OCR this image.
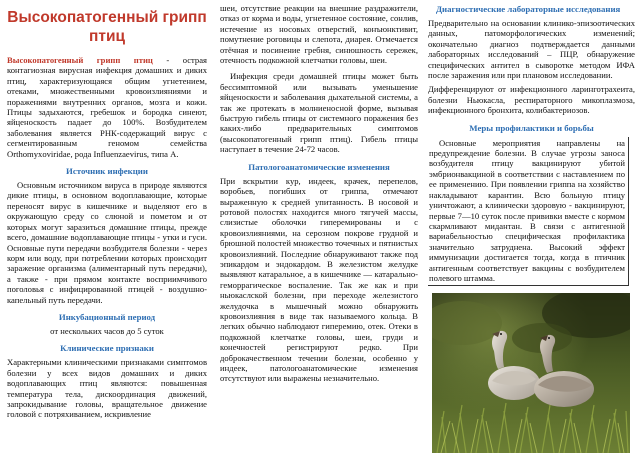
Высокопатогенный грипп птиц
Высокопатогенный грипп птиц - острая контагиозная вирусная инфекция домашних и диких птиц, характеризующаяся общим угнетением, отеками, множественными кровоизлияниями и поражениями внутренних органов, мозга и кожи. Птицы задыхаются, гребешок и бородка синеют, яйценоскость падает до 100%. Возбудителем заболевания является РНК-содержащий вирус с сегментированным геномом семейства Orthomyxoviridae, рода Influenzaevirus, типа А.
Источник инфекции
Основным источником вируса в природе являются дикие птицы, в основном водоплавающие, которые переносят вирус в кишечнике и выделяют его в окружающую среду со слюной и пометом и от которых могут заразиться домашние птицы, прежде всего, домашние водоплавающие птицы - утки и гуси. Основные пути передачи возбудителя болезни - через корм или воду, при потреблении которых происходит заражение организма (алиментарный путь передачи), а также - при прямом контакте восприимчивого поголовья с инфицированной птицей - воздушно-капельный путь передачи.
Инкубационный период
от нескольких часов до 5 суток
Клинические признаки
Характерными клиническими признаками симптомов болезни у всех видов домашних и диких водоплавающих птиц являются: повышенная температура тела, дискоординация движений, запрокидывание головы, вращательное движение головой с потряхиванием, искривление
шеи, отсутствие реакции на внешние раздражители, отказ от корма и воды, угнетенное состояние, сонлив, истечение из носовых отверстий, конъюнктивит, помутнение роговицы и слепота, диарея. Отмечается отёчная и посинение гребня, синюшность сережек, отечность подкожной клетчатки головы, шеи.
Инфекция среди домашней птицы может быть бессимптомной или вызывать уменьшение яйценоскости и заболевания дыхательной системы, а так же протекать в молниеносной форме, вызывая быструю гибель птицы от системного поражения без каких-либо предварительных симптомов (высокопатогенный грипп птиц). Гибель птицы наступает в течение 24-72 часов.
Патологоанатомические изменения
При вскрытии кур, индеек, крачек, перепелов, воробьев, погибших от гриппа, отмечают выраженную к средней упитанность. В носовой и ротовой полостях находится много тягучей массы, слизистые оболочки гиперемированы и с кровоизлияниями, на серозном покрове грудной и брюшной полостей множество точечных и пятнистых кровоизлияний. Последние обнаруживают также под эпикардом и эндокардом. В железистом желудке выявляют катаральное, а в кишечнике — катарально-геморрагическое воспаление. Так же как и при ньюкаслской болезни, при переходе железистого желудочка в мышечный можно обнаружить кровоизлияния в виде так называемого кольца. В легких обычно наблюдают гиперемию, отек. Отеки в подкожной клетчатке головы, шеи, груди и конечностей регистрируют редко. При доброкачественном течении болезни, особенно у индеек, патологоанатомические изменения отсутствуют или выражены незначительно.
Диагностические лабораторные исследования
Предварительно на основании клинико-эпизоотических данных, патоморфологических изменений; окончательно диагноз подтверждается данными лабораторных исследований – ПЦР, обнаружение специфических антител в сыворотке методом ИФА после заражения или при плановом исследовании.
Дифференцируют от инфекционного ларинготрахеита, болезни Ньюкасла, респираторного микоплазмоза, инфекционного бронхита, колибактериозов.
Меры профилактики и борьбы
Основные мероприятия направлены на предупреждение болезни. В случае угрозы заноса возбудителя птицу вакцинируют убитой эмбрионвакциной в соответствии с наставлением по ее применению. При появлении гриппа на хозяйство накладывают карантин. Всю больную птицу уничтожают, а клинически здоровую - вакцинируют, первые 7—10 суток после прививки вместе с кормом скармливают мидантан. В связи с антигенной вариабельностью специфическая профилактика значительно затруднена. Высокий эффект иммунизации достигается тогда, когда в птичник антигенным соответствует вакцины с возбудителем полевого штамма.
